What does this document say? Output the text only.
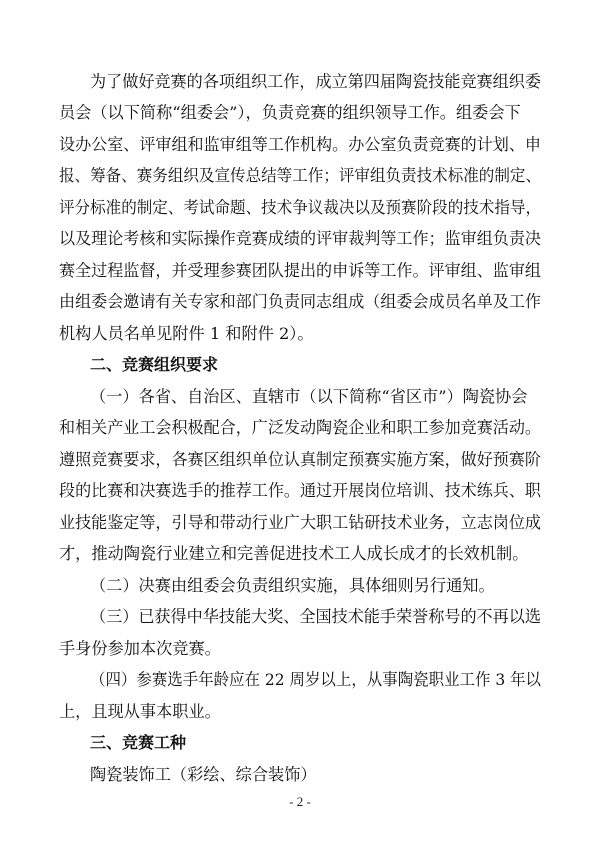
为了做好竞赛的各项组织工作，成立第四届陶瓷技能竞赛组织委
员会（以下简称“组委会”），负责竞赛的组织领导工作。组委会下
设办公室、评审组和监审组等工作机构。办公室负责竞赛的计划、申
报、筹备、赛务组织及宣传总结等工作；评审组负责技术标准的制定、
评分标准的制定、考试命题、技术争议裁决以及预赛阶段的技术指导，
以及理论考核和实际操作竞赛成绩的评审裁判等工作；监审组负责决
赛全过程监督，并受理参赛团队提出的申诉等工作。评审组、监审组
由组委会邀请有关专家和部门负责同志组成（组委会成员名单及工作
机构人员名单见附件 1 和附件 2）。
二、竞赛组织要求
（一）各省、自治区、直辖市（以下简称“省区市”）陶瓷协会
和相关产业工会积极配合，广泛发动陶瓷企业和职工参加竞赛活动。
遵照竞赛要求，各赛区组织单位认真制定预赛实施方案，做好预赛阶
段的比赛和决赛选手的推荐工作。通过开展岗位培训、技术练兵、职
业技能鉴定等，引导和带动行业广大职工钻研技术业务，立志岗位成
才，推动陶瓷行业建立和完善促进技术工人成长成才的长效机制。
（二）决赛由组委会负责组织实施，具体细则另行通知。
（三）已获得中华技能大奖、全国技术能手荣誉称号的不再以选
手身份参加本次竞赛。
（四）参赛选手年龄应在 22 周岁以上，从事陶瓷职业工作 3 年以
上，且现从事本职业。
三、竞赛工种
陶瓷装饰工（彩绘、综合装饰）
- 2 -
